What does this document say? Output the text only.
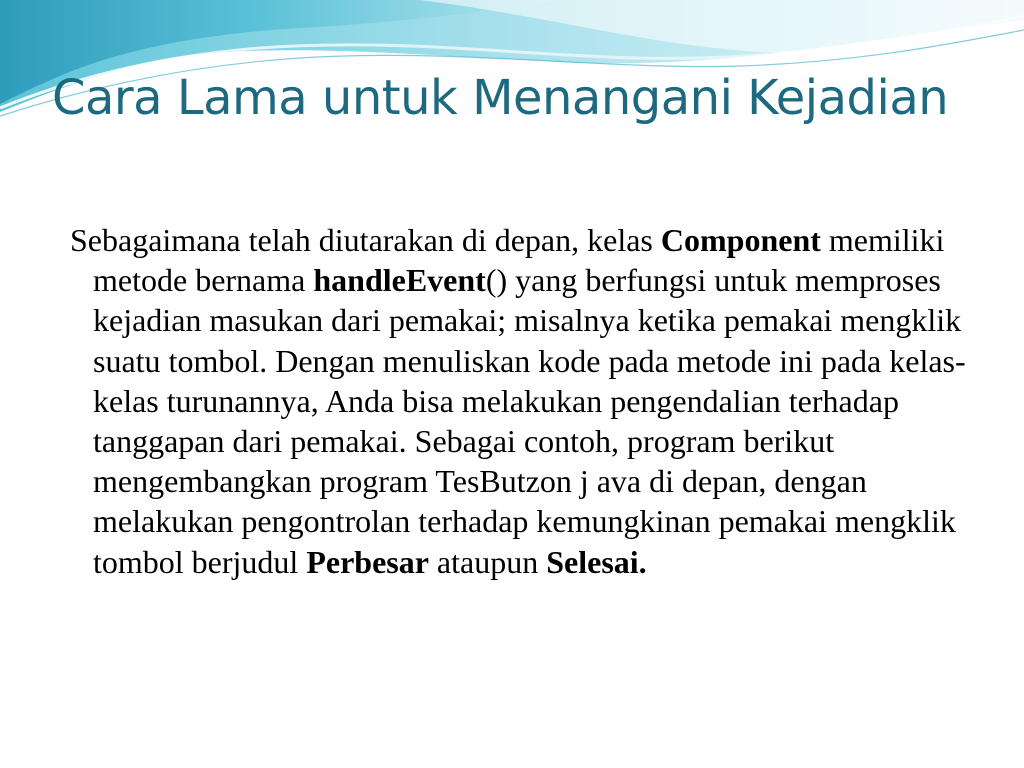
Cara Lama untuk Menangani Kejadian

Sebagaimana telah diutarakan di depan, kelas Component memiliki metode bernama handleEvent() yang berfungsi untuk memproses kejadian masukan dari pemakai; misalnya ketika pemakai mengklik suatu tombol. Dengan menuliskan kode pada metode ini pada kelas-kelas turunannya, Anda bisa melakukan pengendalian terhadap tanggapan dari pemakai. Sebagai contoh, program berikut mengembangkan program TesButzon j ava di depan, dengan melakukan pengontrolan terhadap kemungkinan pemakai mengklik tombol berjudul Perbesar ataupun Selesai.
